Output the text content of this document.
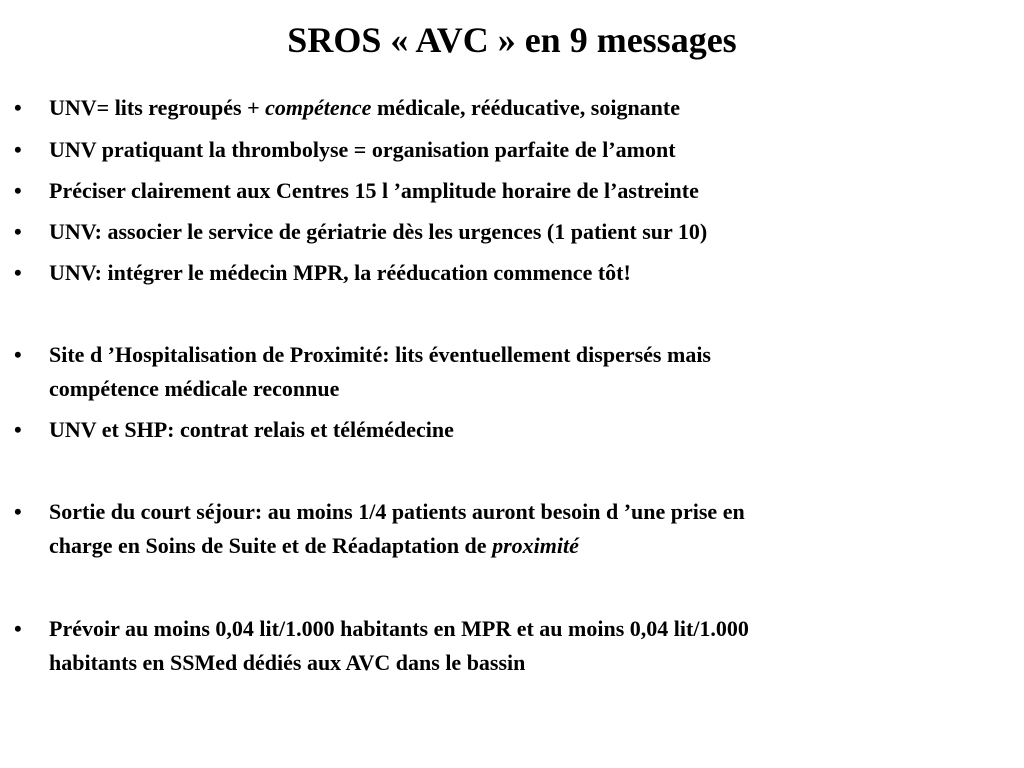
SROS « AVC » en 9 messages
• UNV= lits regroupés + compétence médicale, rééducative, soignante
• UNV pratiquant la thrombolyse = organisation parfaite de l’amont
• Préciser clairement aux Centres 15 l ’amplitude horaire de l’astreinte
• UNV: associer le service de gériatrie dès les urgences (1 patient sur 10)
• UNV: intégrer le médecin MPR, la rééducation commence tôt!
• Site d ’Hospitalisation de Proximité: lits éventuellement dispersés mais
compétence médicale reconnue
• UNV et SHP: contrat relais et télémédecine
• Sortie du court séjour: au moins 1/4 patients auront besoin d ’une prise en
charge en Soins de Suite et de Réadaptation de proximité
• Prévoir au moins 0,04 lit/1.000 habitants en MPR et au moins 0,04 lit/1.000
habitants en SSMed dédiés aux AVC dans le bassin
